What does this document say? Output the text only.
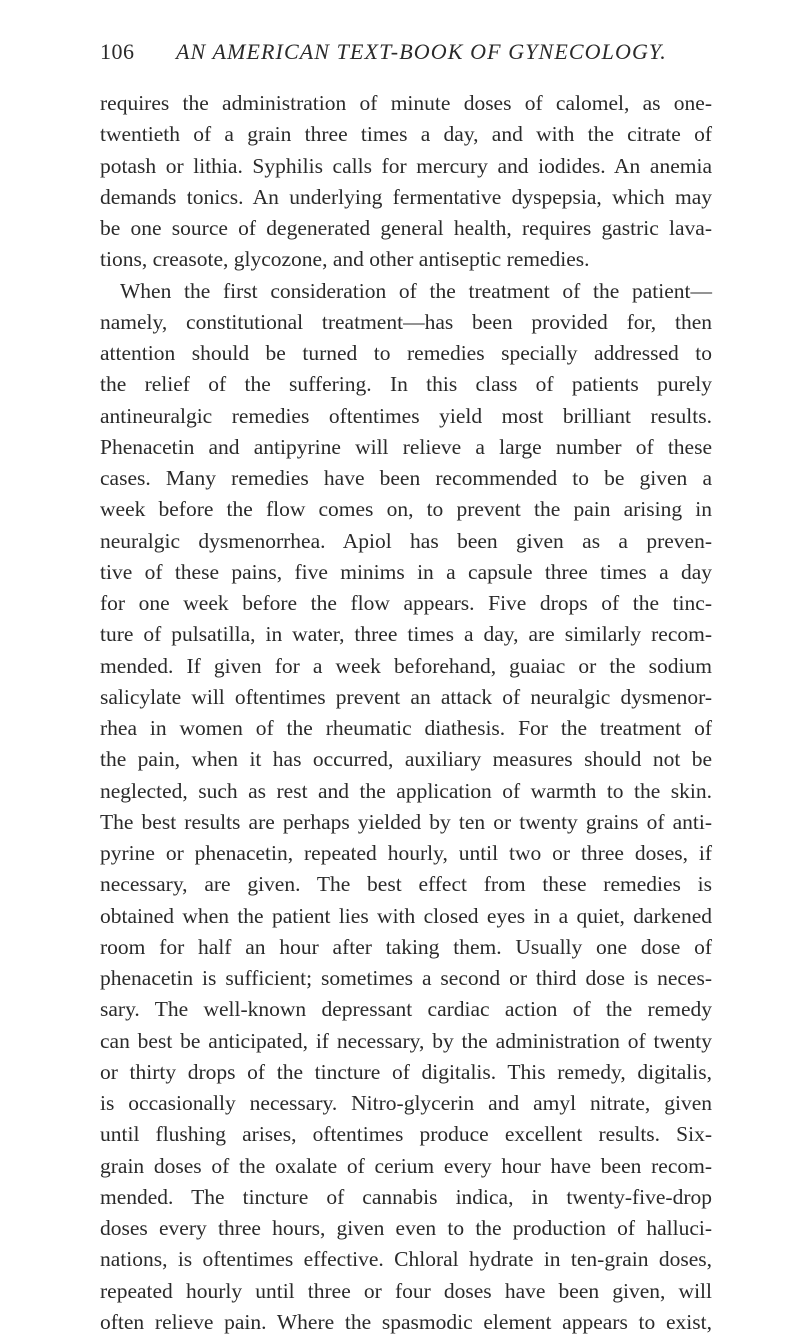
106 AN AMERICAN TEXT-BOOK OF GYNECOLOGY.
requires the administration of minute doses of calomel, as one-
twentieth of a grain three times a day, and with the citrate of
potash or lithia. Syphilis calls for mercury and iodides. An anemia
demands tonics. An underlying fermentative dyspepsia, which may
be one source of degenerated general health, requires gastric lava-
tions, creasote, glycozone, and other antiseptic remedies.
When the first consideration of the treatment of the patient—
namely, constitutional treatment—has been provided for, then
attention should be turned to remedies specially addressed to
the relief of the suffering. In this class of patients purely
antineuralgic remedies oftentimes yield most brilliant results.
Phenacetin and antipyrine will relieve a large number of these
cases. Many remedies have been recommended to be given a
week before the flow comes on, to prevent the pain arising in
neuralgic dysmenorrhea. Apiol has been given as a preven-
tive of these pains, five minims in a capsule three times a day
for one week before the flow appears. Five drops of the tinc-
ture of pulsatilla, in water, three times a day, are similarly recom-
mended. If given for a week beforehand, guaiac or the sodium
salicylate will oftentimes prevent an attack of neuralgic dysmenor-
rhea in women of the rheumatic diathesis. For the treatment of
the pain, when it has occurred, auxiliary measures should not be
neglected, such as rest and the application of warmth to the skin.
The best results are perhaps yielded by ten or twenty grains of anti-
pyrine or phenacetin, repeated hourly, until two or three doses, if
necessary, are given. The best effect from these remedies is
obtained when the patient lies with closed eyes in a quiet, darkened
room for half an hour after taking them. Usually one dose of
phenacetin is sufficient; sometimes a second or third dose is neces-
sary. The well-known depressant cardiac action of the remedy
can best be anticipated, if necessary, by the administration of twenty
or thirty drops of the tincture of digitalis. This remedy, digitalis,
is occasionally necessary. Nitro-glycerin and amyl nitrate, given
until flushing arises, oftentimes produce excellent results. Six-
grain doses of the oxalate of cerium every hour have been recom-
mended. The tincture of cannabis indica, in twenty-five-drop
doses every three hours, given even to the production of halluci-
nations, is oftentimes effective. Chloral hydrate in ten-grain doses,
repeated hourly until three or four doses have been given, will
often relieve pain. Where the spasmodic element appears to exist,
